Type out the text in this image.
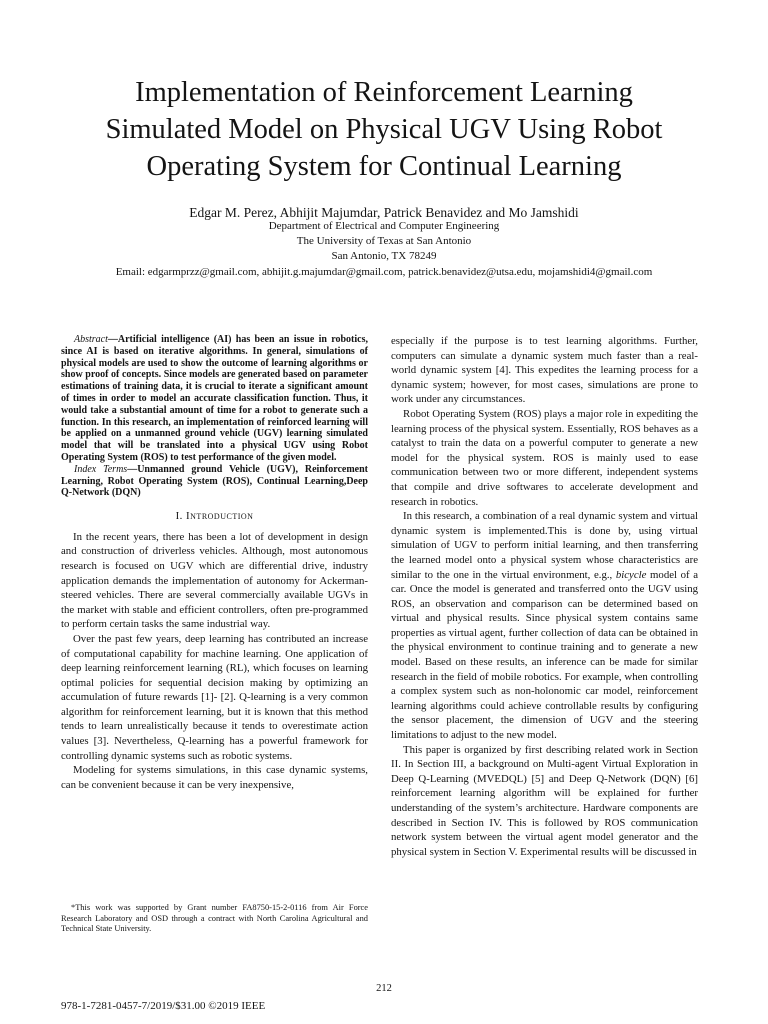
Implementation of Reinforcement Learning
Simulated Model on Physical UGV Using Robot
Operating System for Continual Learning
Edgar M. Perez, Abhijit Majumdar, Patrick Benavidez and Mo Jamshidi
Department of Electrical and Computer Engineering
The University of Texas at San Antonio
San Antonio, TX 78249
Email: edgarmprzz@gmail.com, abhijit.g.majumdar@gmail.com, patrick.benavidez@utsa.edu, mojamshidi4@gmail.com

Abstract—Artificial intelligence (AI) has been an issue in robotics, since AI is based on iterative algorithms. In general, simulations of physical models are used to show the outcome of learning algorithms or show proof of concepts. Since models are generated based on parameter estimations of training data, it is crucial to iterate a significant amount of times in order to model an accurate classification function. Thus, it would take a substantial amount of time for a robot to generate such a function. In this research, an implementation of reinforced learning will be applied on a unmanned ground vehicle (UGV) learning simulated model that will be translated into a physical UGV using Robot Operating System (ROS) to test performance of the given model.

Index Terms—Unmanned ground Vehicle (UGV), Reinforcement Learning, Robot Operating System (ROS), Continual Learning,Deep Q-Network (DQN)

I. Introduction

In the recent years, there has been a lot of development in design and construction of driverless vehicles. Although, most autonomous research is focused on UGV which are differential drive, industry application demands the implementation of autonomy for Ackerman-steered vehicles. There are several commercially available UGVs in the market with stable and efficient controllers, often pre-programmed to perform certain tasks the same industrial way.

Over the past few years, deep learning has contributed an increase of computational capability for machine learning. One application of deep learning reinforcement learning (RL), which focuses on learning optimal policies for sequential decision making by optimizing an accumulation of future rewards [1]- [2]. Q-learning is a very common algorithm for reinforcement learning, but it is known that this method tends to learn unrealistically because it tends to overestimate action values [3]. Nevertheless, Q-learning has a powerful framework for controlling dynamic systems such as robotic systems.

Modeling for systems simulations, in this case dynamic systems, can be convenient because it can be very inexpensive,

especially if the purpose is to test learning algorithms. Further, computers can simulate a dynamic system much faster than a real-world dynamic system [4]. This expedites the learning process for a dynamic system; however, for most cases, simulations are prone to work under any circumstances.

Robot Operating System (ROS) plays a major role in expediting the learning process of the physical system. Essentially, ROS behaves as a catalyst to train the data on a powerful computer to generate a new model for the physical system. ROS is mainly used to ease communication between two or more different, independent systems that compile and drive softwares to accelerate development and research in robotics.

In this research, a combination of a real dynamic system and virtual dynamic system is implemented.This is done by, using virtual simulation of UGV to perform initial learning, and then transferring the learned model onto a physical system whose characteristics are similar to the one in the virtual environment, e.g., bicycle model of a car. Once the model is generated and transferred onto the UGV using ROS, an observation and comparison can be determined based on virtual and physical results. Since physical system contains same properties as virtual agent, further collection of data can be obtained in the physical environment to continue training and to generate a new model. Based on these results, an inference can be made for similar research in the field of mobile robotics. For example, when controlling a complex system such as non-holonomic car model, reinforcement learning algorithms could achieve controllable results by configuring the sensor placement, the dimension of UGV and the steering limitations to adjust to the new model.

This paper is organized by first describing related work in Section II. In Section III, a background on Multi-agent Virtual Exploration in Deep Q-Learning (MVEDQL) [5] and Deep Q-Network (DQN) [6] reinforcement learning algorithm will be explained for further understanding of the system’s architecture. Hardware components are described in Section IV. This is followed by ROS communication network system between the virtual agent model generator and the physical system in Section V. Experimental results will be discussed in

*This work was supported by Grant number FA8750-15-2-0116 from Air Force Research Laboratory and OSD through a contract with North Carolina Agricultural and Technical State University.
212
978-1-7281-0457-7/2019/$31.00 ©2019 IEEE
